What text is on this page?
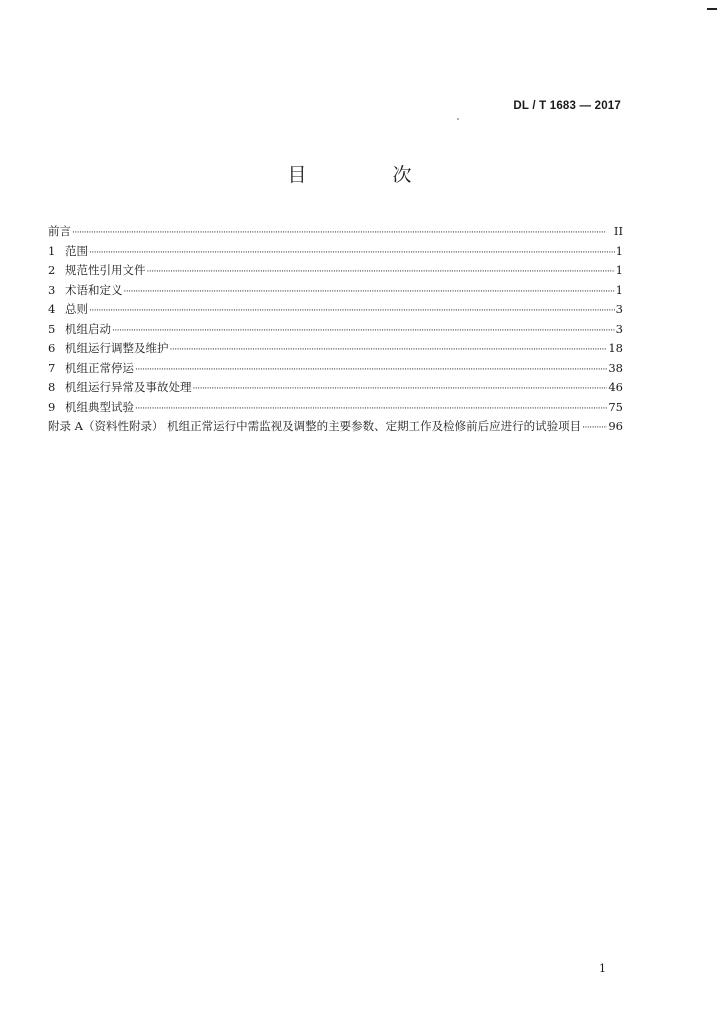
DL / T 1683 — 2017
目 次
前言 ·····	II
1 范围 ·····	1
2 规范性引用文件 ·····	1
3 术语和定义 ·····	1
4 总则 ·····	3
5 机组启动 ·····	3
6 机组运行调整及维护 ·····	18
7 机组正常停运 ·····	38
8 机组运行异常及事故处理 ·····	46
9 机组典型试验 ·····	75
附录 A（资料性附录） 机组正常运行中需监视及调整的主要参数、定期工作及检修前后应进行的试验项目 ····· 96
1
